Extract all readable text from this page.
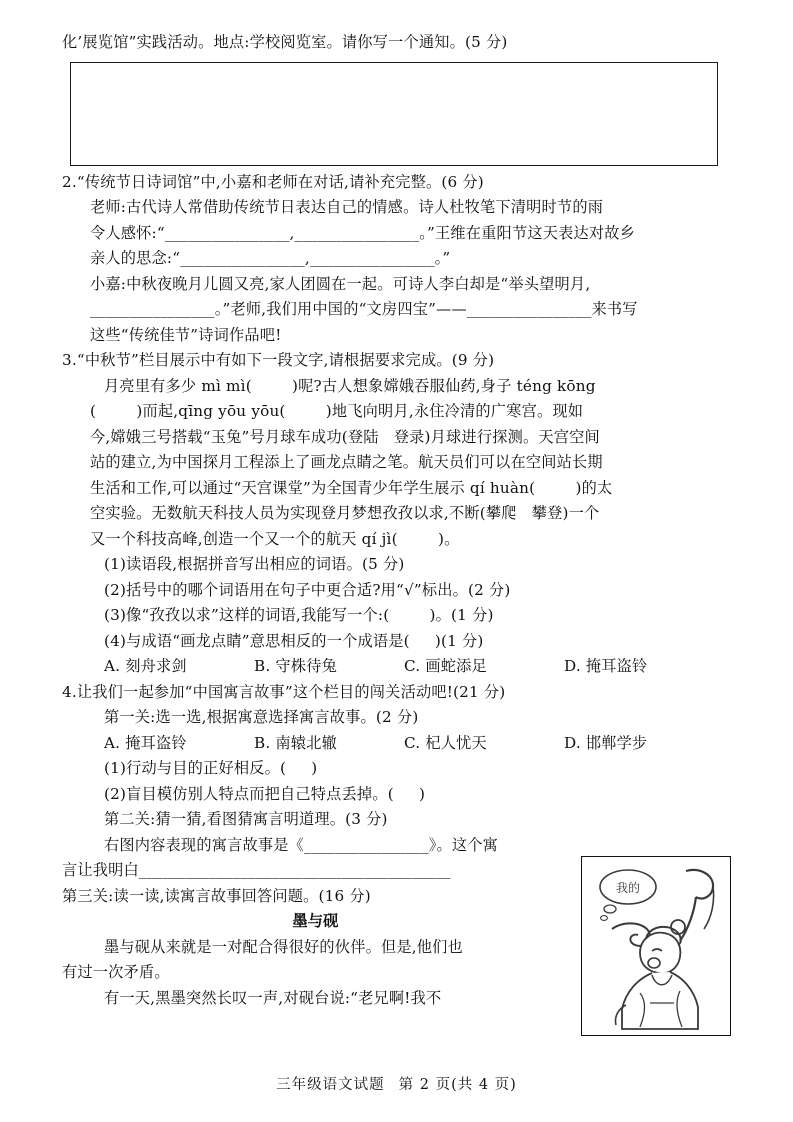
化’展览馆”实践活动。地点:学校阅览室。请你写一个通知。(5 分)
2.“传统节日诗词馆”中,小嘉和老师在对话,请补充完整。(6 分)
老师:古代诗人常借助传统节日表达自己的情感。诗人杜牧笔下清明时节的雨
令人感怀:“________________,________________。”王维在重阳节这天表达对故乡
亲人的思念:“________________,________________。”
小嘉:中秋夜晚月儿圆又亮,家人团圆在一起。可诗人李白却是“举头望明月,
________________。”老师,我们用中国的“文房四宝”——________________来书写
这些“传统佳节”诗词作品吧!
3.“中秋节”栏目展示中有如下一段文字,请根据要求完成。(9 分)
月亮里有多少 mì mì(        )呢?古人想象嫦娥吞服仙药,身子 téng kōng
(        )而起,qīng yōu yōu(        )地飞向明月,永住冷清的广寒宫。现如
今,嫦娥三号搭载“玉兔”号月球车成功(登陆   登录)月球进行探测。天宫空间
站的建立,为中国探月工程添上了画龙点睛之笔。航天员们可以在空间站长期
生活和工作,可以通过“天宫课堂”为全国青少年学生展示 qí huàn(        )的太
空实验。无数航天科技人员为实现登月梦想孜孜以求,不断(攀爬   攀登)一个
又一个科技高峰,创造一个又一个的航天 qí jì(        )。
(1)读语段,根据拼音写出相应的词语。(5 分)
(2)括号中的哪个词语用在句子中更合适?用“√”标出。(2 分)
(3)像“孜孜以求”这样的词语,我能写一个:(        )。(1 分)
(4)与成语“画龙点睛”意思相反的一个成语是(     )(1 分)
A. 刻舟求剑	B. 守株待兔	C. 画蛇添足	D. 掩耳盗铃
4.让我们一起参加“中国寓言故事”这个栏目的闯关活动吧!(21 分)
第一关:选一选,根据寓意选择寓言故事。(2 分)
A. 掩耳盗铃	B. 南辕北辙	C. 杞人忧天	D. 邯郸学步
(1)行动与目的正好相反。(     )
(2)盲目模仿别人特点而把自己特点丢掉。(     )
第二关:猜一猜,看图猜寓言明道理。(3 分)
右图内容表现的寓言故事是《________________》。这个寓
言让我明白________________________________________
第三关:读一读,读寓言故事回答问题。(16 分)
墨与砚
墨与砚从来就是一对配合得很好的伙伴。但是,他们也
有过一次矛盾。
有一天,黑墨突然长叹一声,对砚台说:“老兄啊!我不
我的
三年级语文试题 第 2 页(共 4 页)
